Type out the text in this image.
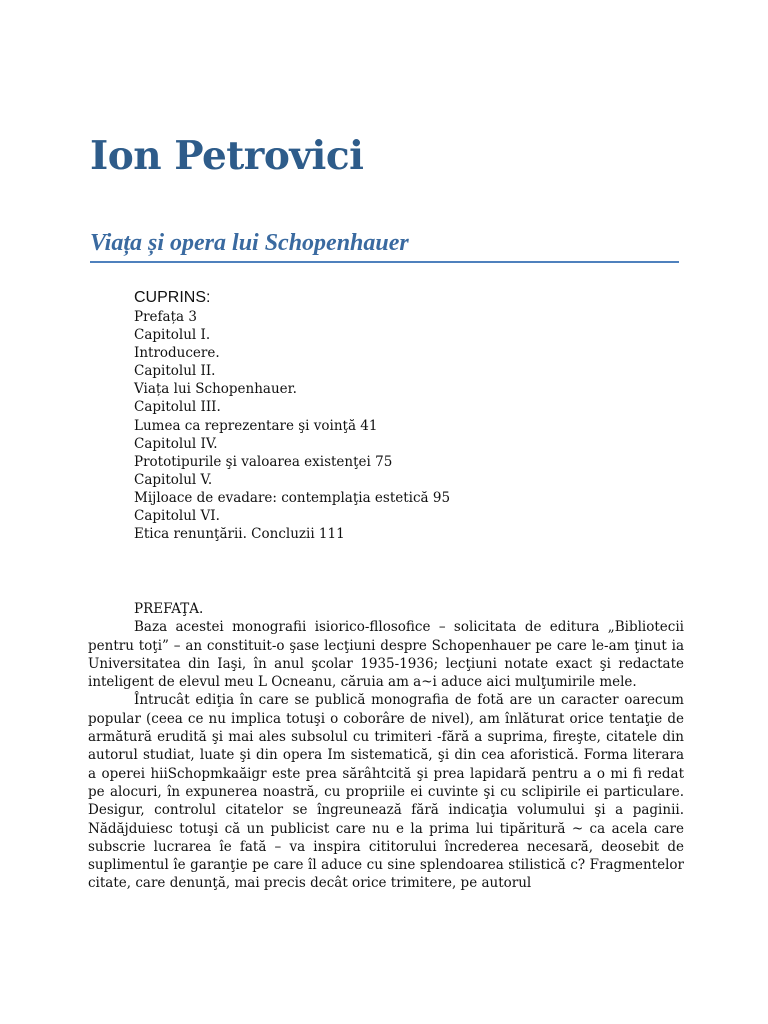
Ion Petrovici
Viața și opera lui Schopenhauer
CUPRINS:
Prefața 3
Capitolul I.
Introducere.
Capitolul II.
Viața lui Schopenhauer.
Capitolul III.
Lumea ca reprezentare şi voinţă 41
Capitolul IV.
Prototipurile şi valoarea existenţei 75
Capitolul V.
Mijloace de evadare: contemplaţia estetică 95
Capitolul VI.
Etica renunţării. Concluzii 111
PREFAŢA.

Baza acestei monografii isiorico-fllosofice – solicitata de editura „Bibliotecii pentru toţi” – an constituit-o şase lecţiuni despre Schopenhauer pe care le-am ţinut ia Universitatea din Iaşi, în anul şcolar 1935-1936; lecţiuni notate exact şi redactate inteligent de elevul meu L Ocneanu, căruia am a~i aduce aici mulţumirile mele.

Întrucât ediţia în care se publică monografia de fotă are un caracter oarecum popular (ceea ce nu implica totuşi o coborâre de nivel), am înlăturat orice tentaţie de armătură erudită şi mai ales subsolul cu trimiteri -fără a suprima, fireşte, citatele din autorul studiat, luate şi din opera Im sistematică, şi din cea aforistică. Forma literara a operei hiiSchopmkaăigr este prea sărâhtcită şi prea lapidară pentru a o mi fi redat pe alocuri, în expunerea noastră, cu propriile ei cuvinte şi cu sclipirile ei particulare. Desigur, controlul citatelor se îngreunează fără indicaţia volumului şi a paginii. Nădăjduiesc totuşi că un publicist care nu e la prima lui tipăritură ~ ca acela care subscrie lucrarea îe fată – va inspira cititorului încrederea necesară, deosebit de suplimentul îe garanţie pe care îl aduce cu sine splendoarea stilistică c? Fragmentelor citate, care denunţă, mai precis decât orice trimitere, pe autorul
